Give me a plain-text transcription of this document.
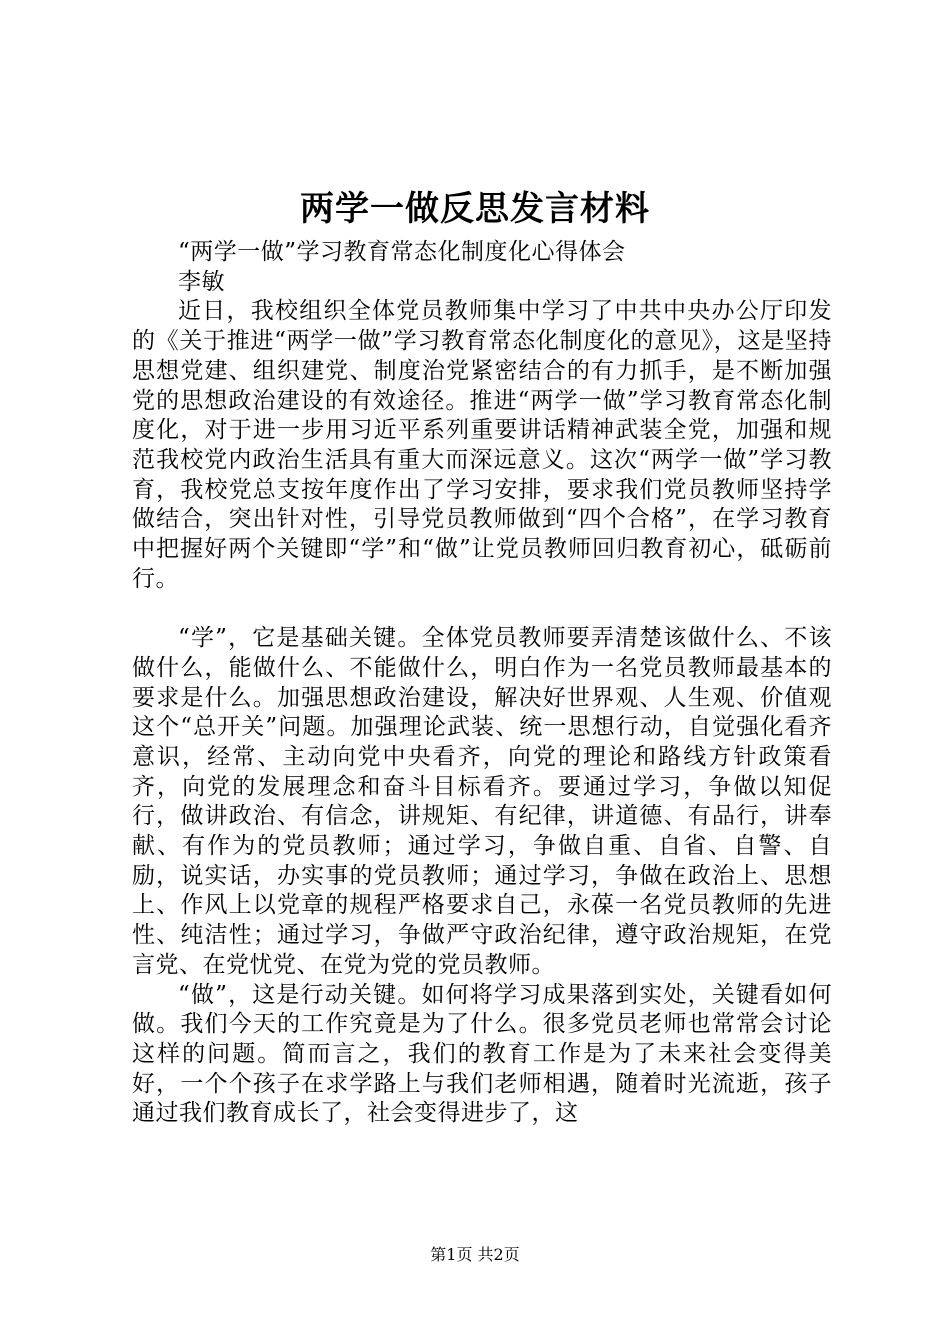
两学一做反思发言材料

“两学一做”学习教育常态化制度化心得体会

李敏

近日，我校组织全体党员教师集中学习了中共中央办公厅印发的《关于推进“两学一做”学习教育常态化制度化的意见》，这是坚持思想党建、组织建党、制度治党紧密结合的有力抓手，是不断加强党的思想政治建设的有效途径。推进“两学一做”学习教育常态化制度化，对于进一步用习近平系列重要讲话精神武装全党，加强和规范我校党内政治生活具有重大而深远意义。这次“两学一做”学习教育，我校党总支按年度作出了学习安排，要求我们党员教师坚持学做结合，突出针对性，引导党员教师做到“四个合格”，在学习教育中把握好两个关键即“学”和“做”让党员教师回归教育初心，砥砺前行。

“学”，它是基础关键。全体党员教师要弄清楚该做什么、不该做什么，能做什么、不能做什么，明白作为一名党员教师最基本的要求是什么。加强思想政治建设，解决好世界观、人生观、价值观这个“总开关”问题。加强理论武装、统一思想行动，自觉强化看齐意识，经常、主动向党中央看齐，向党的理论和路线方针政策看齐，向党的发展理念和奋斗目标看齐。要通过学习，争做以知促行，做讲政治、有信念，讲规矩、有纪律，讲道德、有品行，讲奉献、有作为的党员教师；通过学习，争做自重、自省、自警、自励，说实话，办实事的党员教师；通过学习，争做在政治上、思想上、作风上以党章的规程严格要求自己，永葆一名党员教师的先进性、纯洁性；通过学习，争做严守政治纪律，遵守政治规矩，在党言党、在党忧党、在党为党的党员教师。

“做”，这是行动关键。如何将学习成果落到实处，关键看如何做。我们今天的工作究竟是为了什么。很多党员老师也常常会讨论这样的问题。简而言之，我们的教育工作是为了未来社会变得美好，一个个孩子在求学路上与我们老师相遇，随着时光流逝，孩子通过我们教育成长了，社会变得进步了，这

第1页 共2页
